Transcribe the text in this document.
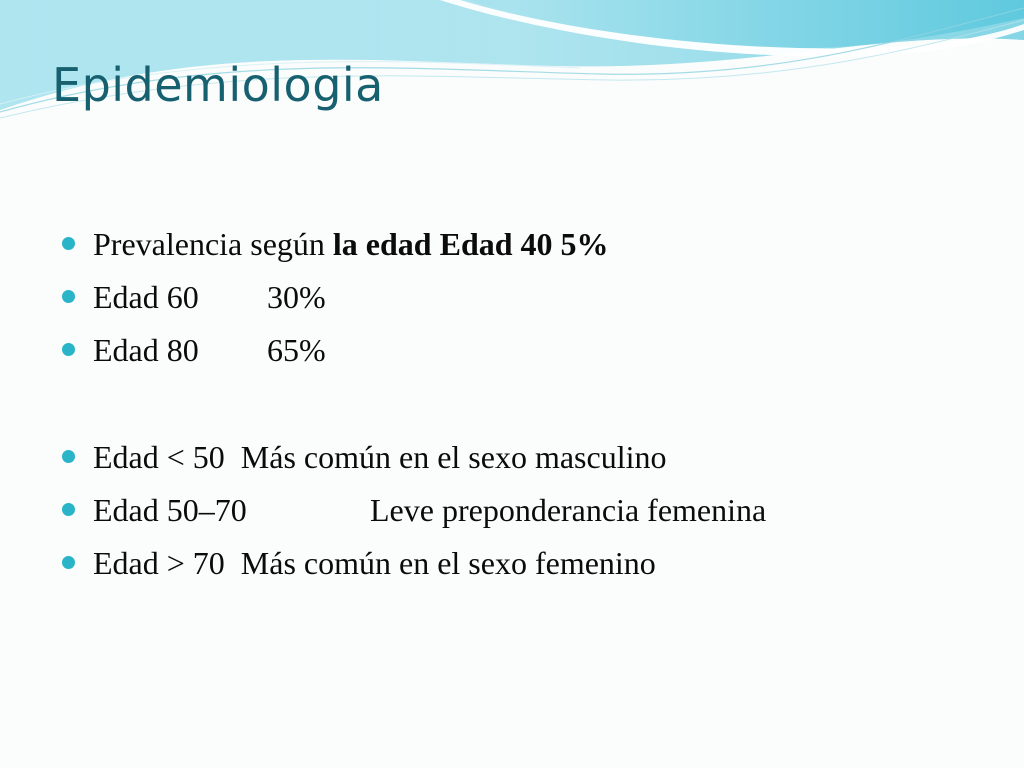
Epidemiologia
Prevalencia según la edad Edad 40 5%
Edad 60 30%
Edad 80 65%
Edad < 50  Más común en el sexo masculino
Edad 50–70	Leve preponderancia femenina
Edad > 70  Más común en el sexo femenino
